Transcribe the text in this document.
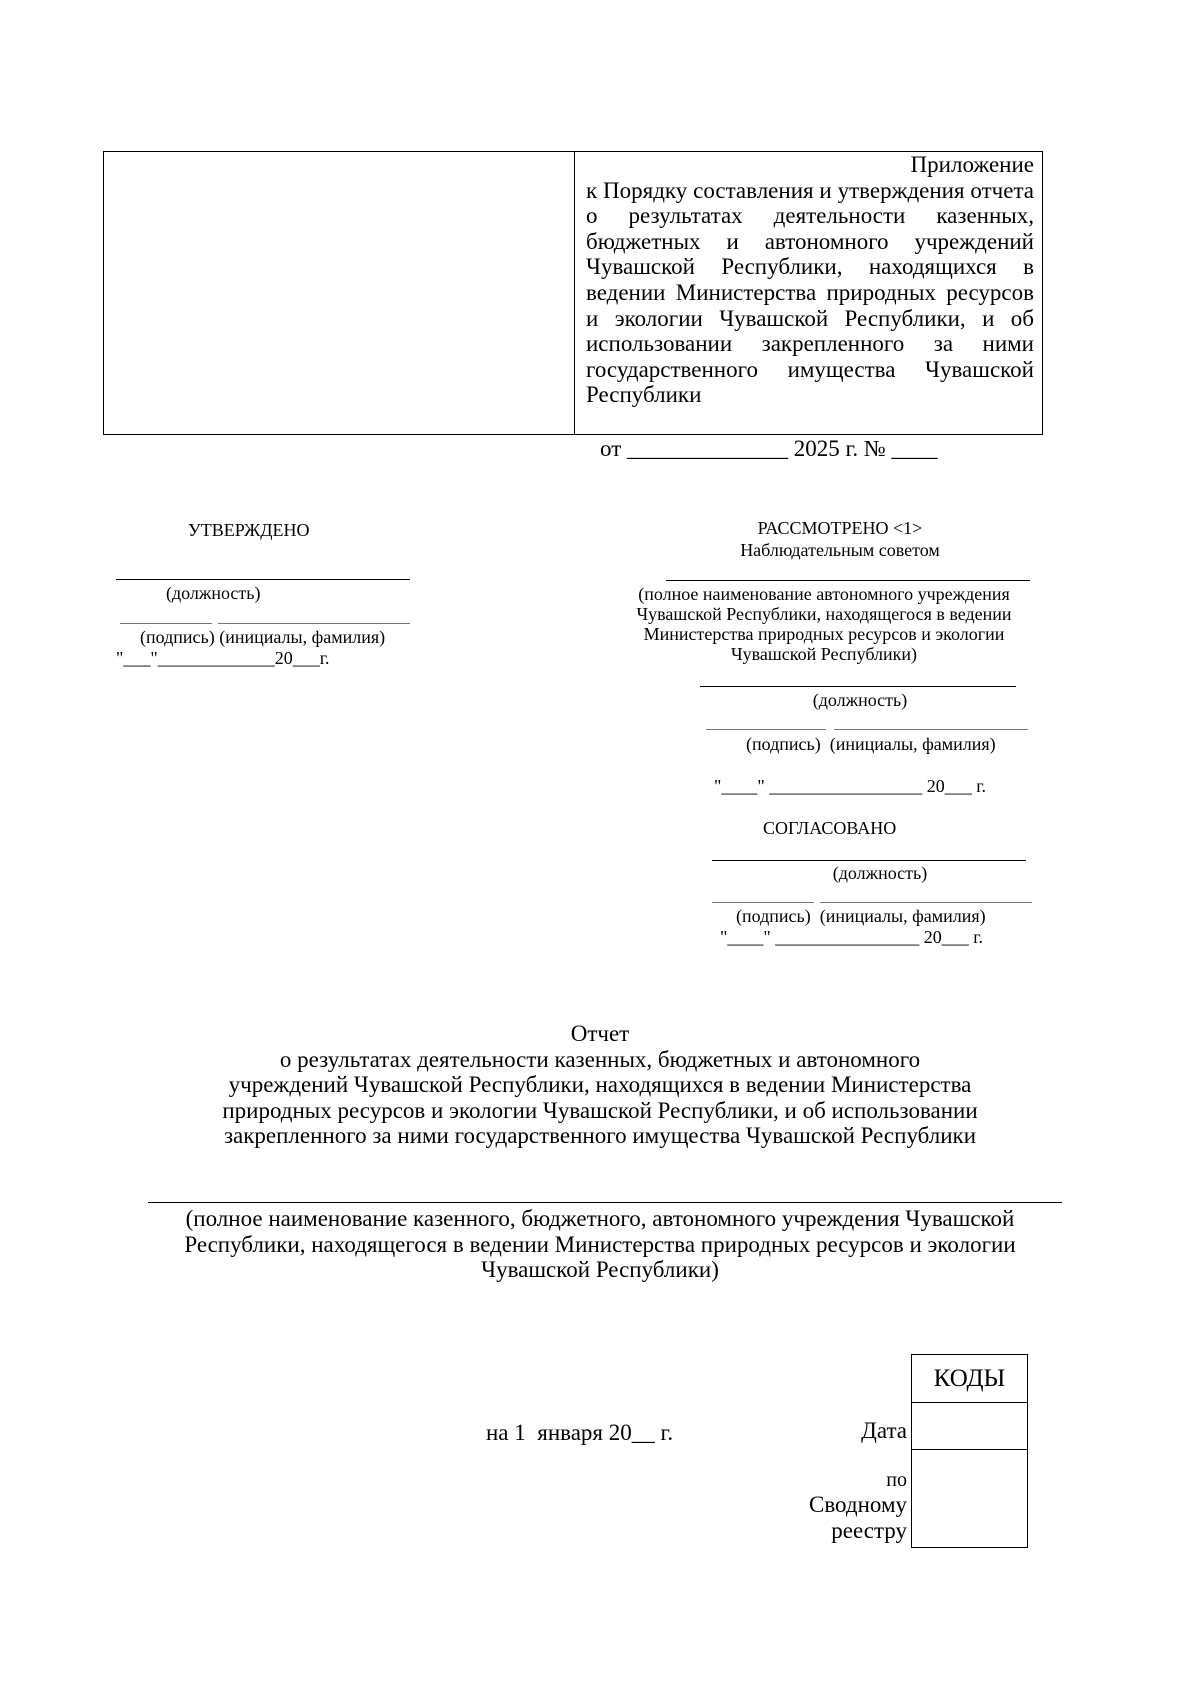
Приложение
к Порядку составления и утверждения отчета о результатах деятельности казенных, бюджетных и автономного учреждений Чувашской Республики, находящихся в ведении Министерства природных ресурсов и экологии Чувашской Республики, и об использовании закрепленного за ними государственного имущества Чувашской Республики
от ______________ 2025 г. № ____
УТВЕРЖДЕНО
(должность)
(подпись) (инициалы, фамилия)
"___"_____________20___г.
РАССМОТРЕНО <1>
Наблюдательным советом
(полное наименование автономного учреждения Чувашской Республики, находящегося в ведении Министерства природных ресурсов и экологии Чувашской Республики)
(должность)
(подпись)  (инициалы, фамилия)
"____" _________________ 20___ г.
СОГЛАСОВАНО
(должность)
(подпись)  (инициалы, фамилия)
"____" ________________ 20___ г.
Отчет
о результатах деятельности казенных, бюджетных и автономного учреждений Чувашской Республики, находящихся в ведении Министерства природных ресурсов и экологии Чувашской Республики, и об использовании закрепленного за ними государственного имущества Чувашской Республики
(полное наименование казенного, бюджетного, автономного учреждения Чувашской Республики, находящегося в ведении Министерства природных ресурсов и экологии Чувашской Республики)
на 1  января 20__ г.
КОДЫ
Дата
по
Сводному
реестру
